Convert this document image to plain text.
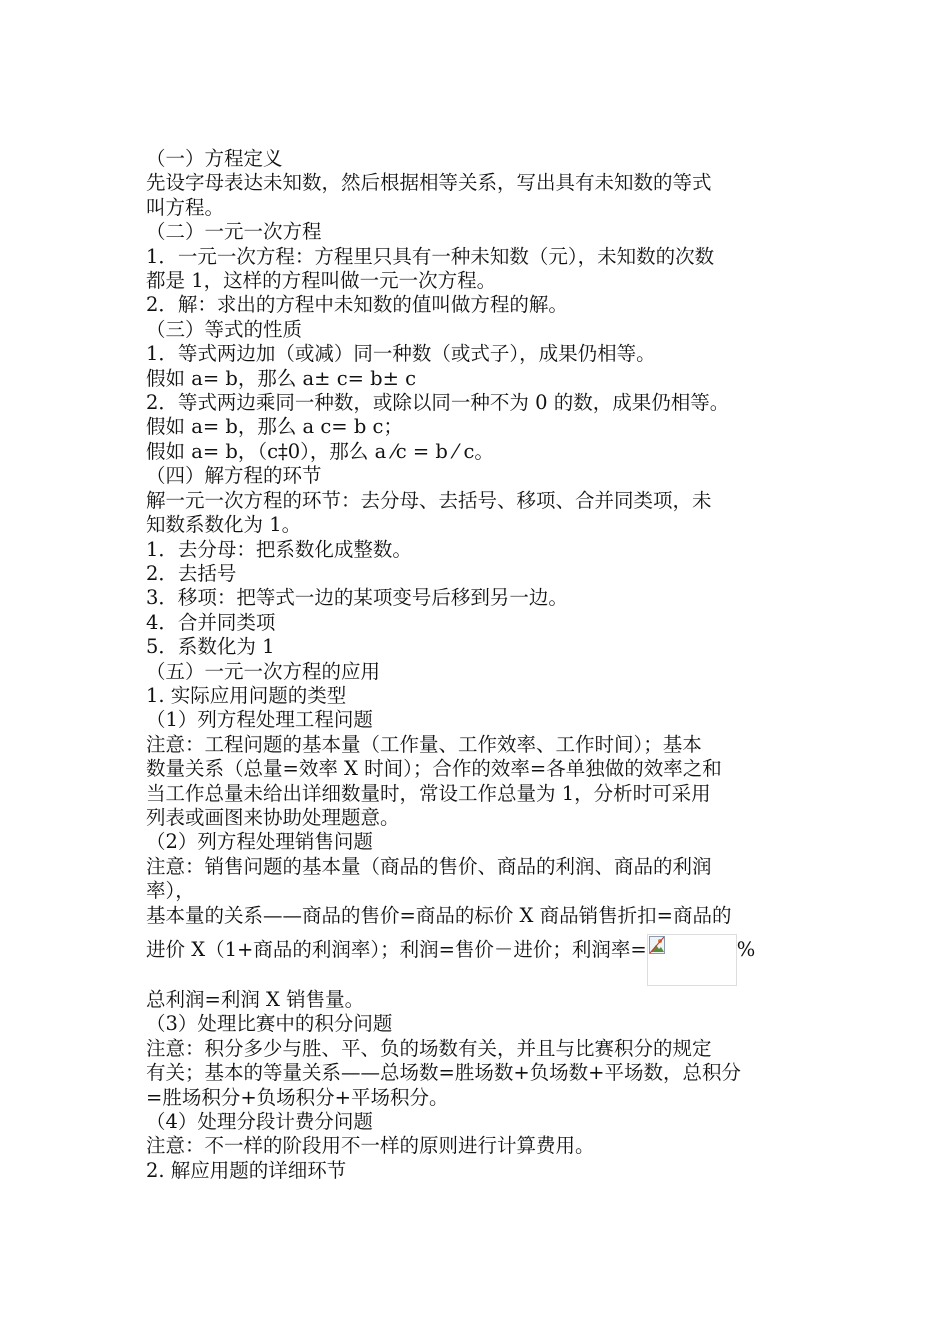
（一）方程定义
先设字母表达未知数，然后根据相等关系，写出具有未知数的等式
叫方程。
（二）一元一次方程
1．一元一次方程：方程里只具有一种未知数（元），未知数的次数
都是 1，这样的方程叫做一元一次方程。
2．解：求出的方程中未知数的值叫做方程的解。
（三）等式的性质
1．等式两边加（或减）同一种数（或式子），成果仍相等。
假如 a= b，那么 a± c= b± c
2．等式两边乘同一种数，或除以同一种不为 0 的数，成果仍相等。
假如 a= b，那么 a c= b c；
假如 a= b，（c‡0），那么 a ⁄c = b ⁄ c。
（四）解方程的环节
解一元一次方程的环节：去分母、去括号、移项、合并同类项，未
知数系数化为 1。
1．去分母：把系数化成整数。
2．去括号
3．移项：把等式一边的某项变号后移到另一边。
4．合并同类项
5．系数化为 1
（五）一元一次方程的应用
1. 实际应用问题的类型
（1）列方程处理工程问题
注意：工程问题的基本量（工作量、工作效率、工作时间）；基本
数量关系（总量=效率 X 时间）；合作的效率=各单独做的效率之和
当工作总量未给出详细数量时，常设工作总量为 1，分析时可采用
列表或画图来协助处理题意。
（2）列方程处理销售问题
注意：销售问题的基本量（商品的售价、商品的利润、商品的利润
率），
基本量的关系——商品的售价=商品的标价 X 商品销售折扣=商品的
进价 X（1+商品的利润率）；利润=售价－进价；利润率=	%
总利润=利润 X 销售量。
（3）处理比赛中的积分问题
注意：积分多少与胜、平、负的场数有关，并且与比赛积分的规定
有关；基本的等量关系——总场数=胜场数+负场数+平场数，总积分
=胜场积分+负场积分+平场积分。
（4）处理分段计费分问题
注意：不一样的阶段用不一样的原则进行计算费用。
2. 解应用题的详细环节
